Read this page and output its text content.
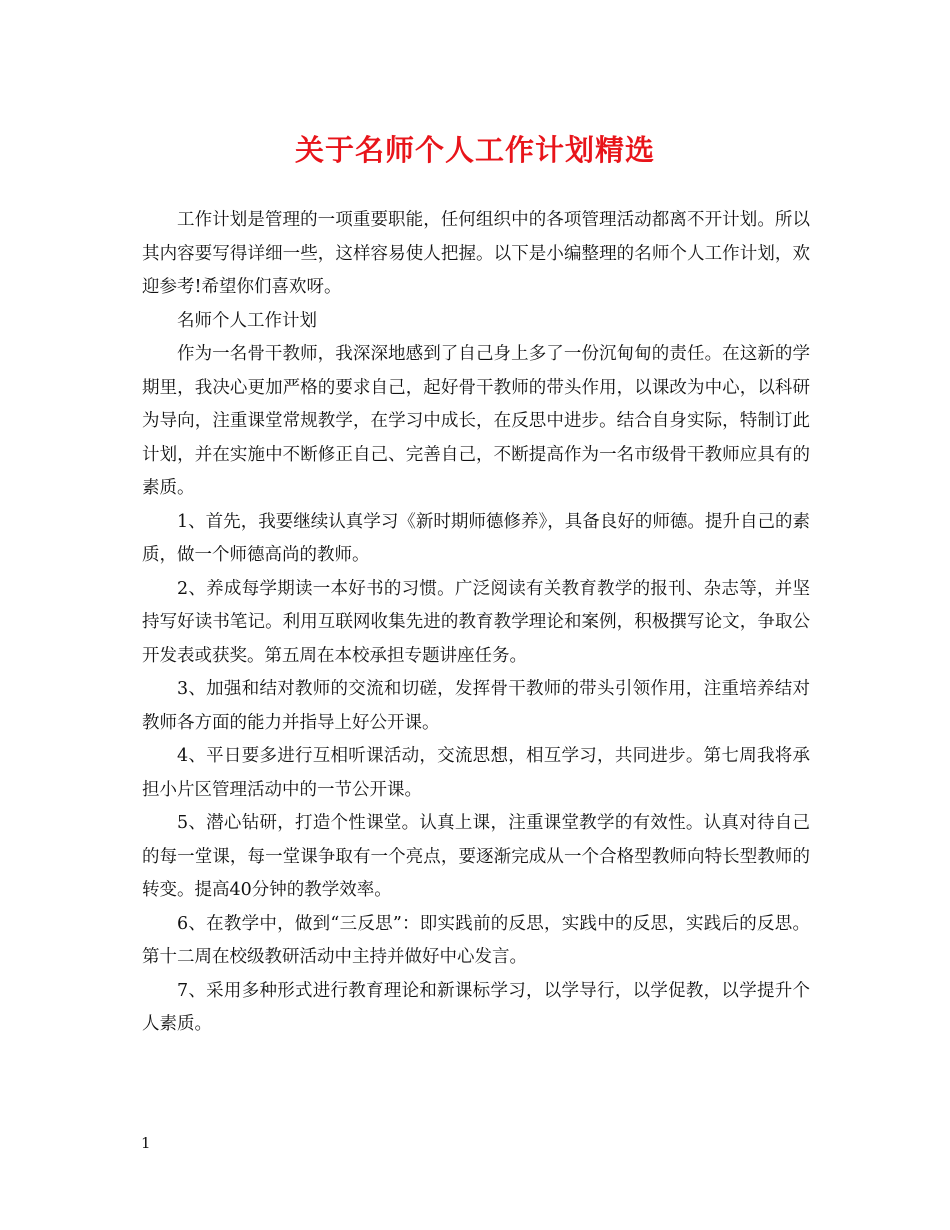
关于名师个人工作计划精选

工作计划是管理的一项重要职能，任何组织中的各项管理活动都离不开计划。所以其内容要写得详细一些，这样容易使人把握。以下是小编整理的名师个人工作计划，欢迎参考!希望你们喜欢呀。

名师个人工作计划

作为一名骨干教师，我深深地感到了自己身上多了一份沉甸甸的责任。在这新的学期里，我决心更加严格的要求自己，起好骨干教师的带头作用，以课改为中心，以科研为导向，注重课堂常规教学，在学习中成长，在反思中进步。结合自身实际，特制订此计划，并在实施中不断修正自己、完善自己，不断提高作为一名市级骨干教师应具有的素质。

1、首先，我要继续认真学习《新时期师德修养》，具备良好的师德。提升自己的素质，做一个师德高尚的教师。

2、养成每学期读一本好书的习惯。广泛阅读有关教育教学的报刊、杂志等，并坚持写好读书笔记。利用互联网收集先进的教育教学理论和案例，积极撰写论文，争取公开发表或获奖。第五周在本校承担专题讲座任务。

3、加强和结对教师的交流和切磋，发挥骨干教师的带头引领作用，注重培养结对教师各方面的能力并指导上好公开课。

4、平日要多进行互相听课活动，交流思想，相互学习，共同进步。第七周我将承担小片区管理活动中的一节公开课。

5、潜心钻研，打造个性课堂。认真上课，注重课堂教学的有效性。认真对待自己的每一堂课，每一堂课争取有一个亮点，要逐渐完成从一个合格型教师向特长型教师的转变。提高40分钟的教学效率。

6、在教学中，做到“三反思”：即实践前的反思，实践中的反思，实践后的反思。第十二周在校级教研活动中主持并做好中心发言。

7、采用多种形式进行教育理论和新课标学习，以学导行，以学促教，以学提升个人素质。

1
